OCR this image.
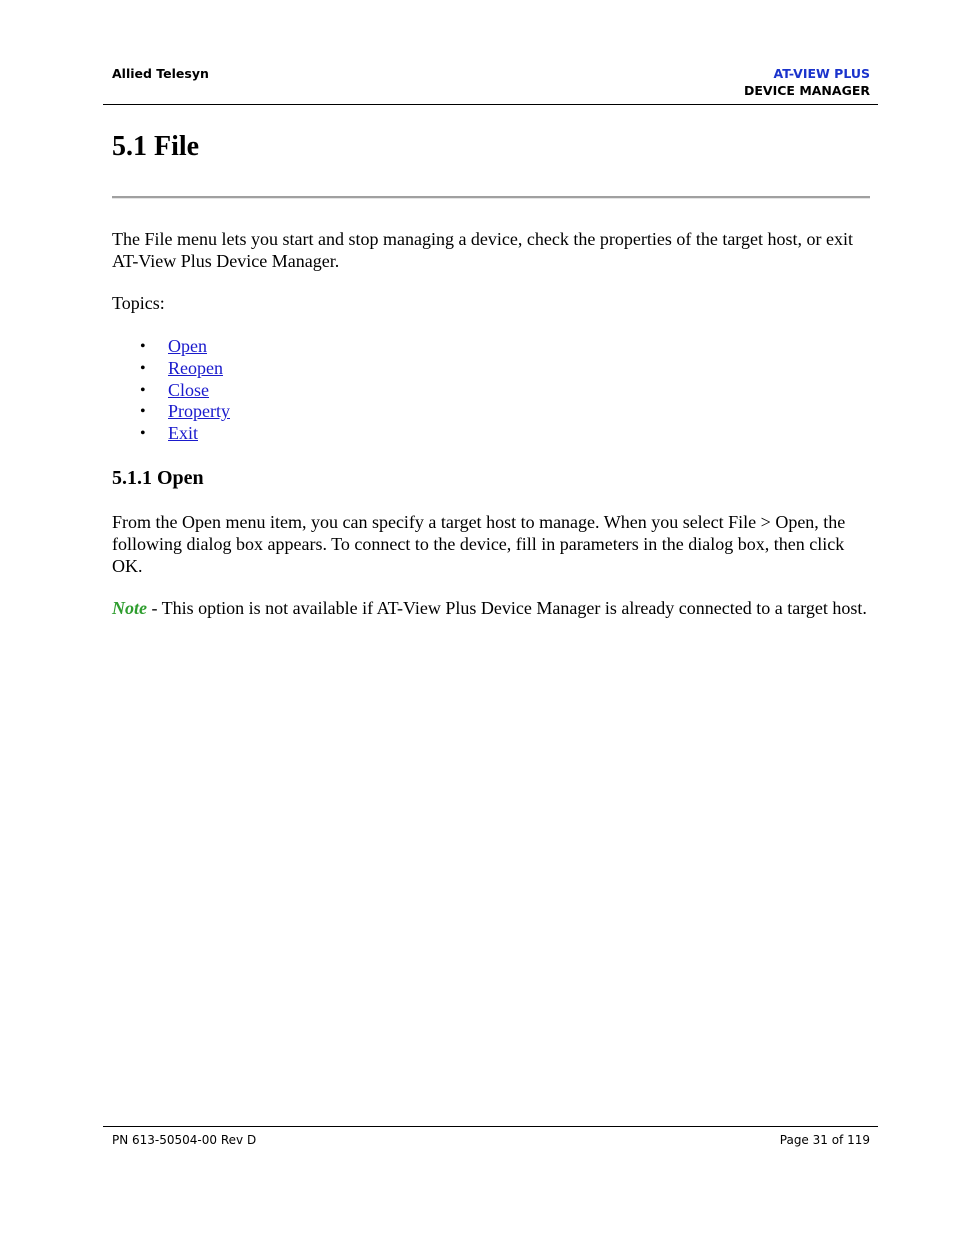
Allied Telesyn	AT-VIEW PLUS
DEVICE MANAGER
5.1 File

The File menu lets you start and stop managing a device, check the properties of the target host, or exit AT-View Plus Device Manager.

Topics:

• Open
• Reopen
• Close
• Property
• Exit
5.1.1 Open

From the Open menu item, you can specify a target host to manage. When you select File > Open, the following dialog box appears. To connect to the device, fill in parameters in the dialog box, then click OK.

Note - This option is not available if AT-View Plus Device Manager is already connected to a target host.

PN 613-50504-00 Rev D	Page 31 of 119
